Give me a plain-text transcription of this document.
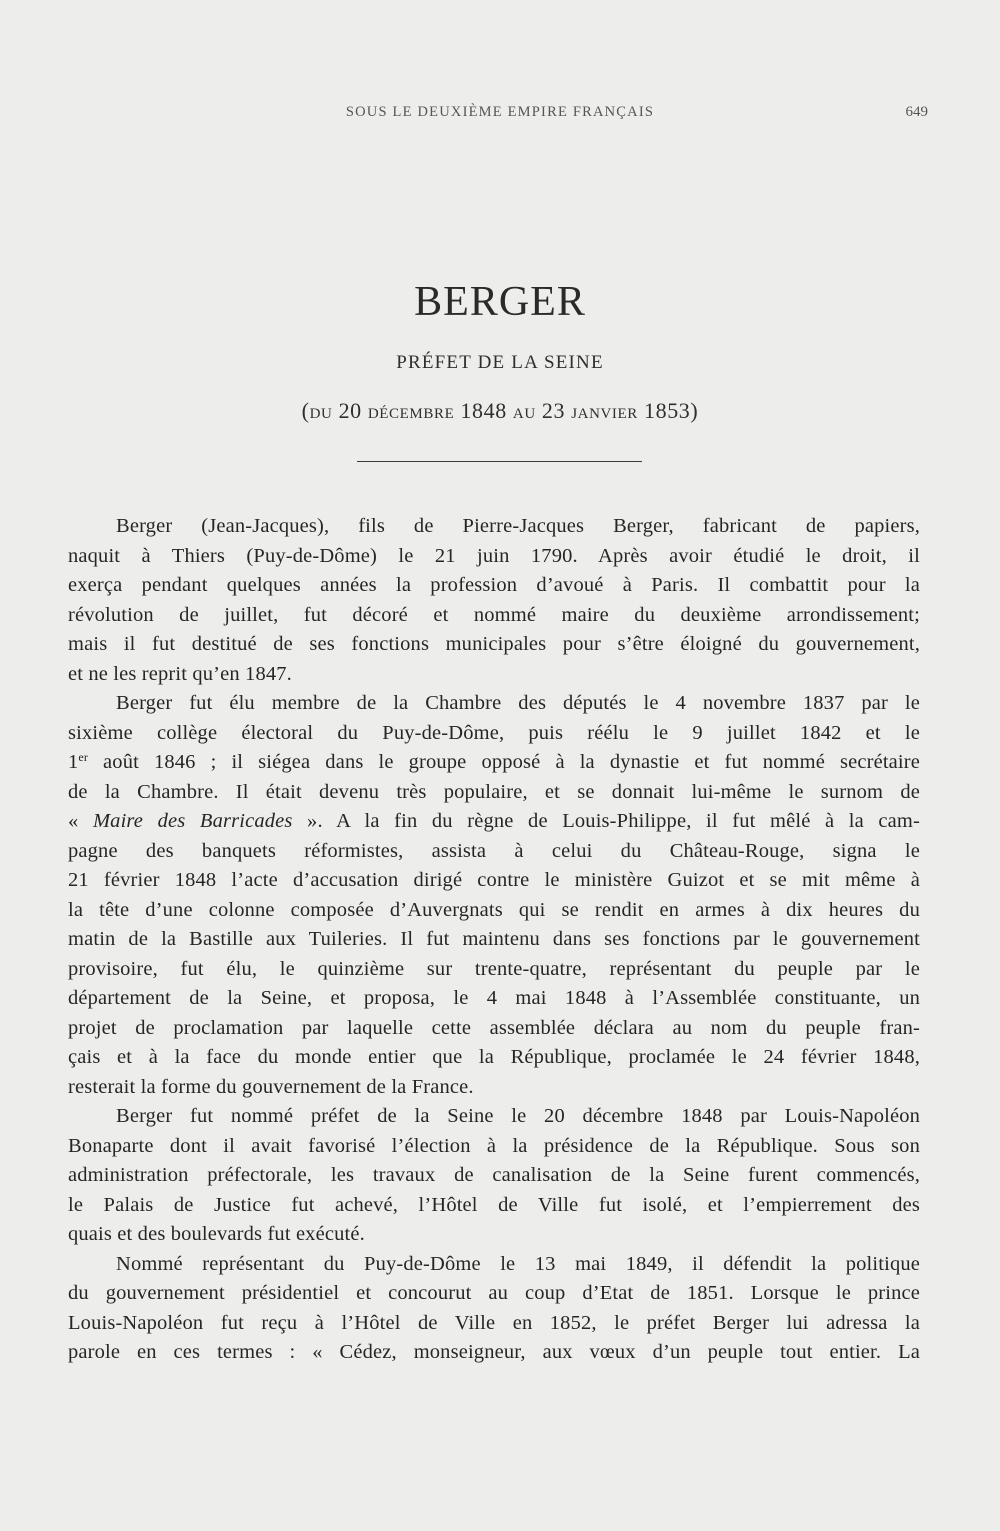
SOUS LE DEUXIÈME EMPIRE FRANÇAIS	649
BERGER
PRÉFET DE LA SEINE
(du 20 décembre 1848 au 23 janvier 1853)
Berger (Jean-Jacques), fils de Pierre-Jacques Berger, fabricant de papiers,
naquit à Thiers (Puy-de-Dôme) le 21 juin 1790. Après avoir étudié le droit, il
exerça pendant quelques années la profession d’avoué à Paris. Il combattit pour la
révolution de juillet, fut décoré et nommé maire du deuxième arrondissement;
mais il fut destitué de ses fonctions municipales pour s’être éloigné du gouvernement,
et ne les reprit qu’en 1847.
Berger fut élu membre de la Chambre des députés le 4 novembre 1837 par le
sixième collège électoral du Puy-de-Dôme, puis réélu le 9 juillet 1842 et le
1er août 1846 ; il siégea dans le groupe opposé à la dynastie et fut nommé secrétaire
de la Chambre. Il était devenu très populaire, et se donnait lui-même le surnom de
« Maire des Barricades ». A la fin du règne de Louis-Philippe, il fut mêlé à la cam-
pagne des banquets réformistes, assista à celui du Château-Rouge, signa le
21 février 1848 l’acte d’accusation dirigé contre le ministère Guizot et se mit même à
la tête d’une colonne composée d’Auvergnats qui se rendit en armes à dix heures du
matin de la Bastille aux Tuileries. Il fut maintenu dans ses fonctions par le gouvernement
provisoire, fut élu, le quinzième sur trente-quatre, représentant du peuple par le
département de la Seine, et proposa, le 4 mai 1848 à l’Assemblée constituante, un
projet de proclamation par laquelle cette assemblée déclara au nom du peuple fran-
çais et à la face du monde entier que la République, proclamée le 24 février 1848,
resterait la forme du gouvernement de la France.
Berger fut nommé préfet de la Seine le 20 décembre 1848 par Louis-Napoléon
Bonaparte dont il avait favorisé l’élection à la présidence de la République. Sous son
administration préfectorale, les travaux de canalisation de la Seine furent commencés,
le Palais de Justice fut achevé, l’Hôtel de Ville fut isolé, et l’empierrement des
quais et des boulevards fut exécuté.
Nommé représentant du Puy-de-Dôme le 13 mai 1849, il défendit la politique
du gouvernement présidentiel et concourut au coup d’Etat de 1851. Lorsque le prince
Louis-Napoléon fut reçu à l’Hôtel de Ville en 1852, le préfet Berger lui adressa la
parole en ces termes : « Cédez, monseigneur, aux vœux d’un peuple tout entier. La
